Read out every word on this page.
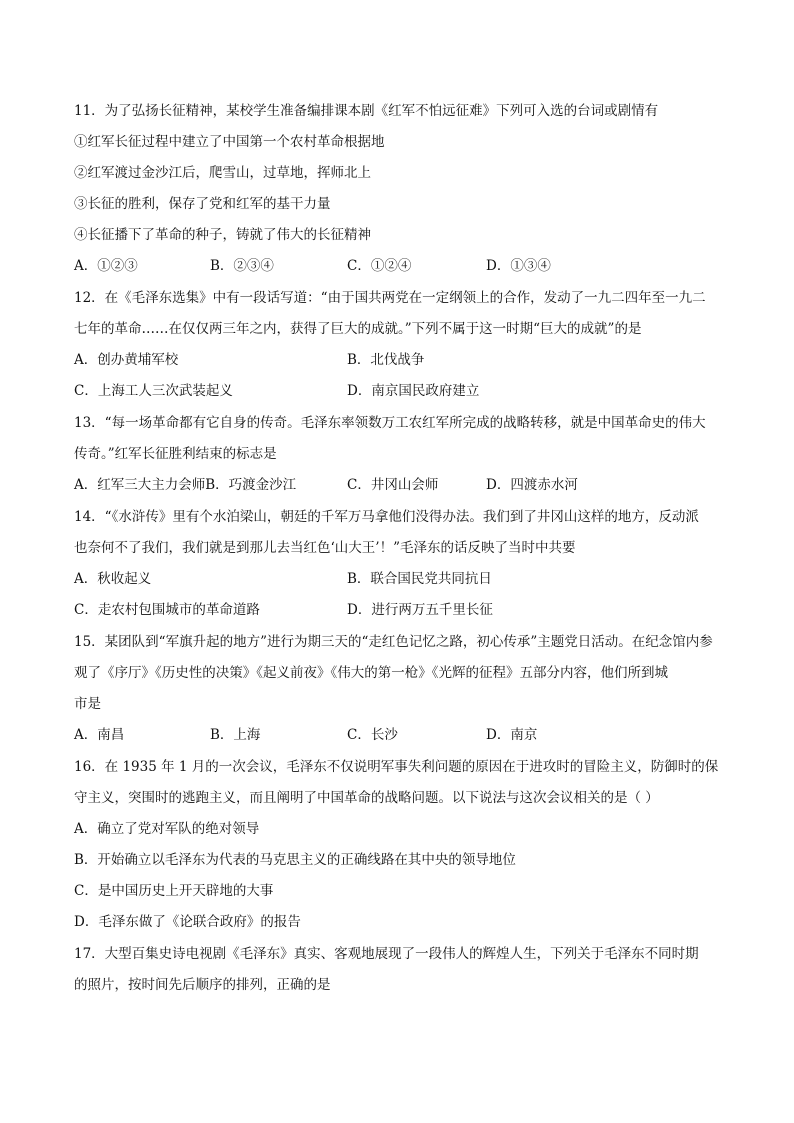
11．为了弘扬长征精神，某校学生准备编排课本剧《红军不怕远征难》下列可入选的台词或剧情有
①红军长征过程中建立了中国第一个农村革命根据地
②红军渡过金沙江后，爬雪山，过草地，挥师北上
③长征的胜利，保存了党和红军的基干力量
④长征播下了革命的种子，铸就了伟大的长征精神
A．①②③	B．②③④	C．①②④	D．①③④
12．在《毛泽东选集》中有一段话写道：“由于国共两党在一定纲领上的合作，发动了一九二四年至一九二
七年的革命……在仅仅两三年之内，获得了巨大的成就。”下列不属于这一时期“巨大的成就”的是
A．创办黄埔军校	B．北伐战争
C．上海工人三次武装起义	D．南京国民政府建立
13．“每一场革命都有它自身的传奇。毛泽东率领数万工农红军所完成的战略转移，就是中国革命史的伟大
传奇。”红军长征胜利结束的标志是
A．红军三大主力会师B．巧渡金沙江	C．井冈山会师	D．四渡赤水河
14．“《水浒传》里有个水泊梁山，朝廷的千军万马拿他们没得办法。我们到了井冈山这样的地方，反动派
也奈何不了我们，我们就是到那儿去当红色‘山大王’！”毛泽东的话反映了当时中共要
A．秋收起义	B．联合国民党共同抗日
C．走农村包围城市的革命道路	D．进行两万五千里长征
15．某团队到“军旗升起的地方”进行为期三天的“走红色记忆之路，初心传承”主题党日活动。在纪念馆内参
观了《序厅》《历史性的决策》《起义前夜》《伟大的第一枪》《光辉的征程》五部分内容，他们所到城
市是
A．南昌	B．上海	C．长沙	D．南京
16．在 1935 年 1 月的一次会议，毛泽东不仅说明军事失利问题的原因在于进攻时的冒险主义，防御时的保
守主义，突围时的逃跑主义，而且阐明了中国革命的战略问题。以下说法与这次会议相关的是（ ）
A．确立了党对军队的绝对领导
B．开始确立以毛泽东为代表的马克思主义的正确线路在其中央的领导地位
C．是中国历史上开天辟地的大事
D．毛泽东做了《论联合政府》的报告
17．大型百集史诗电视剧《毛泽东》真实、客观地展现了一段伟人的辉煌人生，下列关于毛泽东不同时期
的照片，按时间先后顺序的排列，正确的是
